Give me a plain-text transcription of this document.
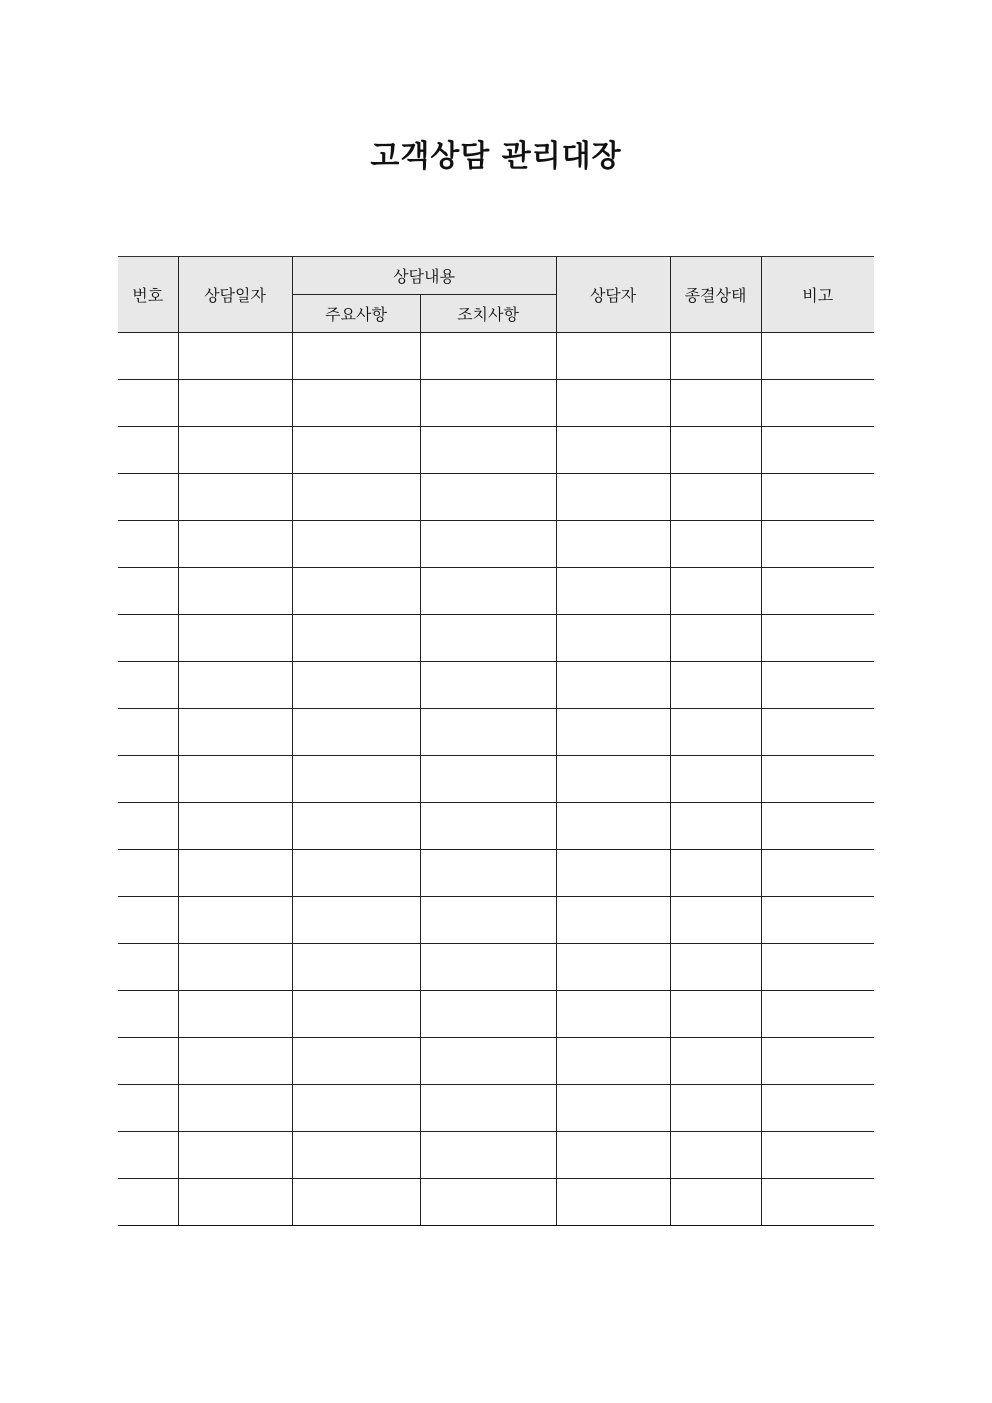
고객상담 관리대장
번호	상담일자	상담내용		상담자	종결상태	비고
		주요사항	조치사항			
